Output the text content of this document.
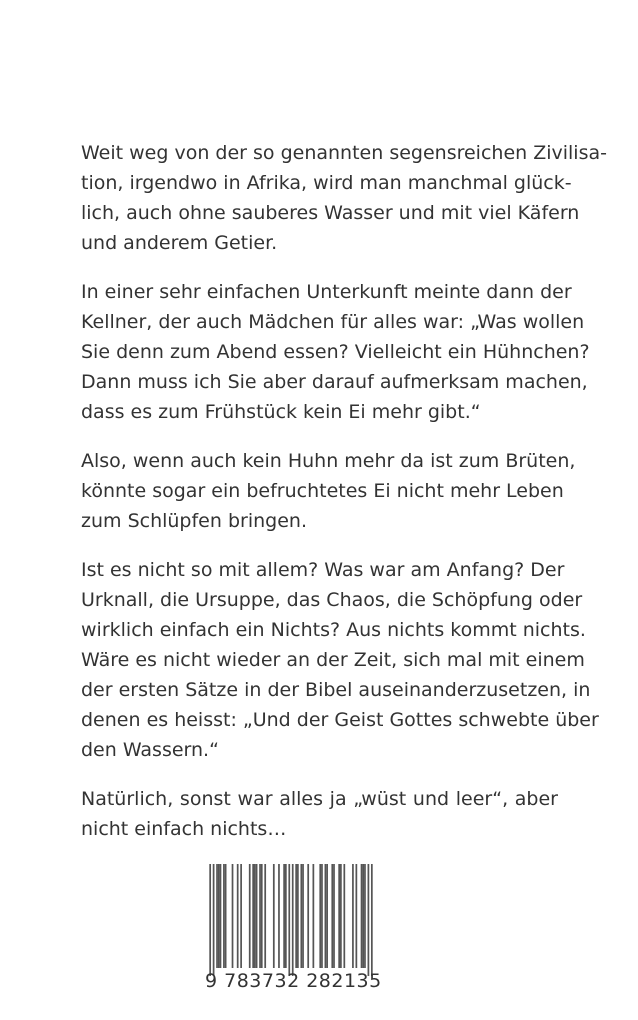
Weit weg von der so genannten segensreichen Zivilisa-
tion, irgendwo in Afrika, wird man manchmal glück-
lich, auch ohne sauberes Wasser und mit viel Käfern
und anderem Getier.
In einer sehr einfachen Unterkunft meinte dann der
Kellner, der auch Mädchen für alles war: „Was wollen
Sie denn zum Abend essen? Vielleicht ein Hühnchen?
Dann muss ich Sie aber darauf aufmerksam machen,
dass es zum Frühstück kein Ei mehr gibt.“
Also, wenn auch kein Huhn mehr da ist zum Brüten,
könnte sogar ein befruchtetes Ei nicht mehr Leben
zum Schlüpfen bringen.
Ist es nicht so mit allem? Was war am Anfang? Der
Urknall, die Ursuppe, das Chaos, die Schöpfung oder
wirklich einfach ein Nichts? Aus nichts kommt nichts.
Wäre es nicht wieder an der Zeit, sich mal mit einem
der ersten Sätze in der Bibel auseinanderzusetzen, in
denen es heisst: „Und der Geist Gottes schwebte über
den Wassern.“
Natürlich, sonst war alles ja „wüst und leer“, aber
nicht einfach nichts…
9 783732 282135
